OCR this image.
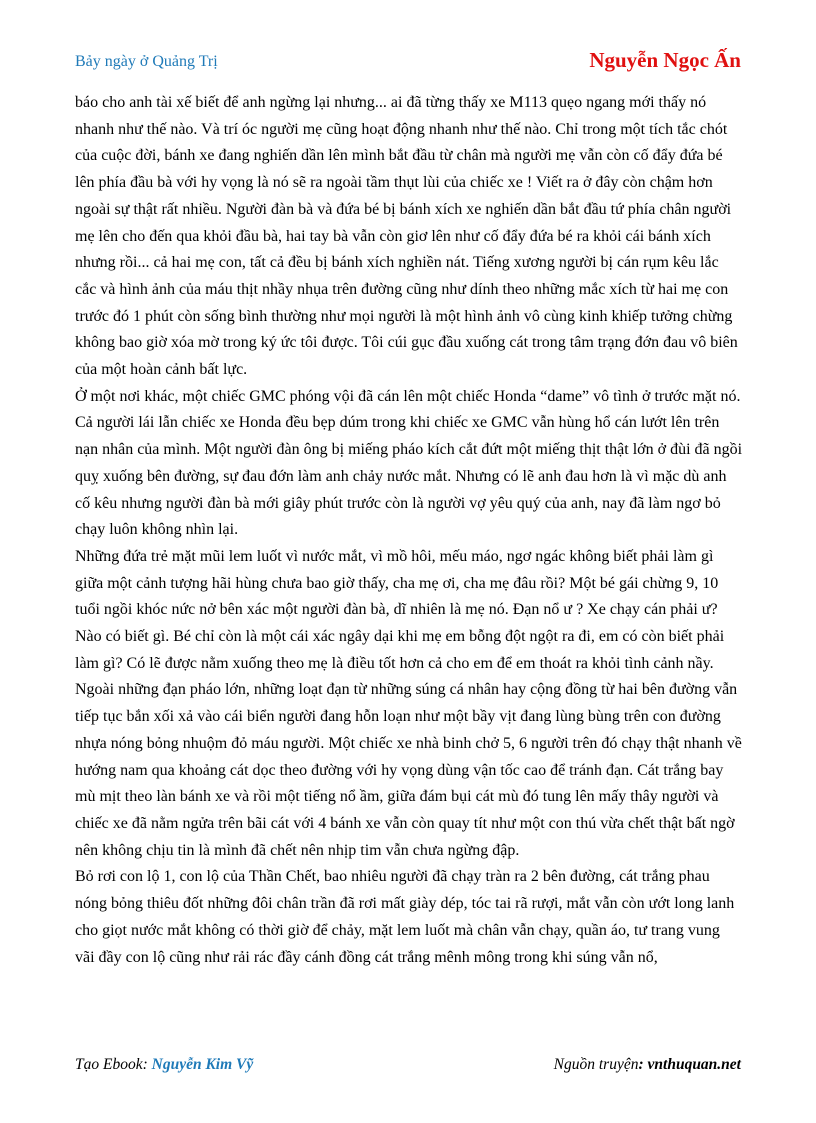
Bảy ngày ở Quảng Trị	Nguyễn Ngọc Ấn

báo cho anh tài xế biết để anh ngừng lại nhưng... ai đã từng thấy xe M113 quẹo ngang mới thấy nó nhanh như thế nào. Và trí óc người mẹ cũng hoạt động nhanh như thế nào. Chỉ trong một tích tắc chót của cuộc đời, bánh xe đang nghiến dần lên mình bắt đầu từ chân mà người mẹ vẫn còn cố đẩy đứa bé lên phía đầu bà với hy vọng là nó sẽ ra ngoài tầm thụt lùi của chiếc xe ! Viết ra ở đây còn chậm hơn ngoài sự thật rất nhiều. Người đàn bà và đứa bé bị bánh xích xe nghiến dần bắt đầu tứ phía chân người mẹ lên cho đến qua khỏi đầu bà, hai tay bà vẫn còn giơ lên như cố đẩy đứa bé ra khỏi cái bánh xích nhưng rồi... cả hai mẹ con, tất cả đều bị bánh xích nghiền nát. Tiếng xương người bị cán rụm kêu lắc cắc và hình ảnh của máu thịt nhầy nhụa trên đường cũng như dính theo những mắc xích từ hai mẹ con trước đó 1 phút còn sống bình thường như mọi người là một hình ảnh vô cùng kinh khiếp tưởng chừng không bao giờ xóa mờ trong ký ức tôi được. Tôi cúi gục đầu xuống cát trong tâm trạng đớn đau vô biên của một hoàn cảnh bất lực.

Ở một nơi khác, một chiếc GMC phóng vội đã cán lên một chiếc Honda “dame” vô tình ở trước mặt nó. Cả người lái lẫn chiếc xe Honda đều bẹp dúm trong khi chiếc xe GMC vẫn hùng hổ cán lướt lên trên nạn nhân của mình. Một người đàn ông bị miếng pháo kích cắt đứt một miếng thịt thật lớn ở đùi đã ngồi quỵ xuống bên đường, sự đau đớn làm anh chảy nước mắt. Nhưng có lẽ anh đau hơn là vì mặc dù anh cố kêu nhưng người đàn bà mới giây phút trước còn là người vợ yêu quý của anh, nay đã làm ngơ bỏ chạy luôn không nhìn lại.

Những đứa trẻ mặt mũi lem luốt vì nước mắt, vì mồ hôi, mếu máo, ngơ ngác không biết phải làm gì giữa một cảnh tượng hãi hùng chưa bao giờ thấy, cha mẹ ơi, cha mẹ đâu rồi? Một bé gái chừng 9, 10 tuổi ngồi khóc nức nở bên xác một người đàn bà, dĩ nhiên là mẹ nó. Đạn nổ ư ? Xe chạy cán phải ư? Nào có biết gì. Bé chỉ còn là một cái xác ngây dại khi mẹ em bỗng đột ngột ra đi, em có còn biết phải làm gì? Có lẽ được nằm xuống theo mẹ là điều tốt hơn cả cho em để em thoát ra khỏi tình cảnh nầy.

Ngoài những đạn pháo lớn, những loạt đạn từ những súng cá nhân hay cộng đồng từ hai bên đường vẫn tiếp tục bắn xối xả vào cái biển người đang hỗn loạn như một bầy vịt đang lùng bùng trên con đường nhựa nóng bỏng nhuộm đỏ máu người. Một chiếc xe nhà binh chở 5, 6 người trên đó chạy thật nhanh về hướng nam qua khoảng cát dọc theo đường với hy vọng dùng vận tốc cao để tránh đạn. Cát trắng bay mù mịt theo làn bánh xe và rồi một tiếng nổ ầm, giữa đám bụi cát mù đó tung lên mấy thây người và chiếc xe đã nằm ngửa trên bãi cát với 4 bánh xe vẫn còn quay tít như một con thú vừa chết thật bất ngờ nên không chịu tin là mình đã chết nên nhịp tim vẫn chưa ngừng đập.

Bỏ rơi con lộ 1, con lộ của Thần Chết, bao nhiêu người đã chạy tràn ra 2 bên đường, cát trắng phau nóng bỏng thiêu đốt những đôi chân trần đã rơi mất giày dép, tóc tai rã rượi, mắt vẫn còn ướt long lanh cho giọt nước mắt không có thời giờ để chảy, mặt lem luốt mà chân vẫn chạy, quần áo, tư trang vung vãi đầy con lộ cũng như rải rác đầy cánh đồng cát trắng mênh mông trong khi súng vẫn nổ,

Tạo Ebook: Nguyễn Kim Vỹ	Nguồn truyện: vnthuquan.net
